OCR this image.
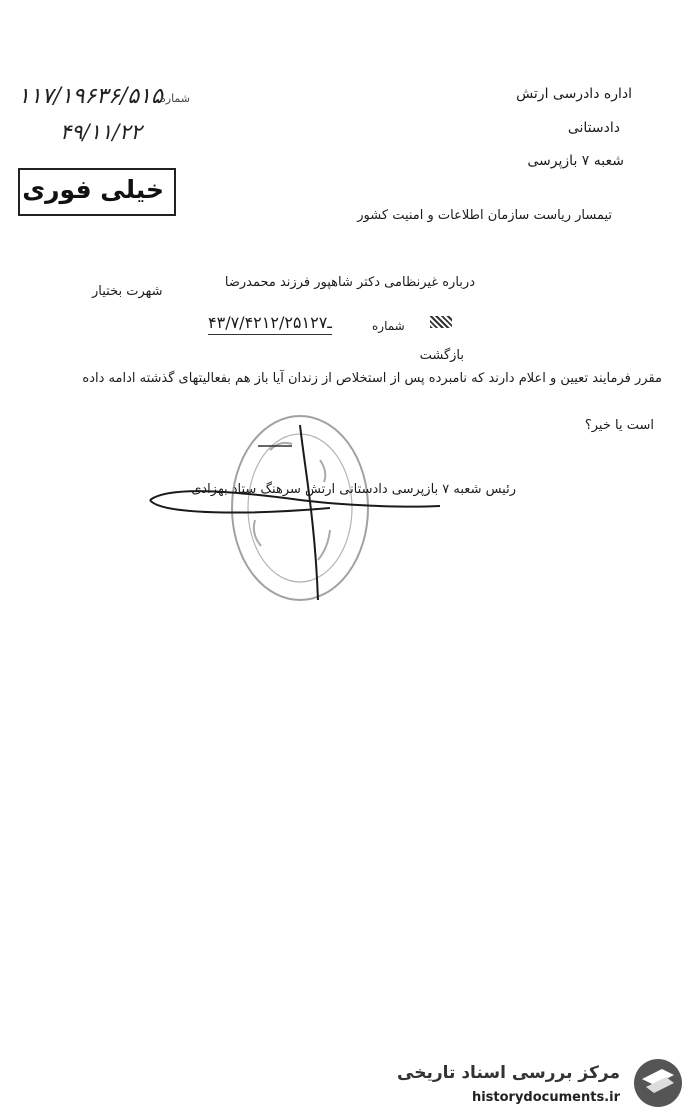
اداره دادرسی ارتش
دادستانی
شعبه ۷ بازپرسی
۱۱۷/۱۹۶۳۶/۵۱۵
شماره
۴۹/۱۱/۲۲
خیلی فوری
تیمسار ریاست سازمان اطلاعات و امنیت کشور
درباره غیرنظامی دکتر شاهپور فرزند محمدرضا
شهرت بختیار
شماره
۴۳/۷/۴ـ۲۱۲/۲۵۱۲۷
بازگشت
مقرر فرمایند تعیین و اعلام دارند که نامبرده پس از استخلاص از زندان آیا باز هم بفعالیتهای گذشته ادامه داده
است یا خیر؟
رئیس شعبه ۷ بازپرسی دادستانی ارتش سرهنگ ستاد بهزادی
مرکز بررسی اسناد تاریخی
historydocuments.ir
